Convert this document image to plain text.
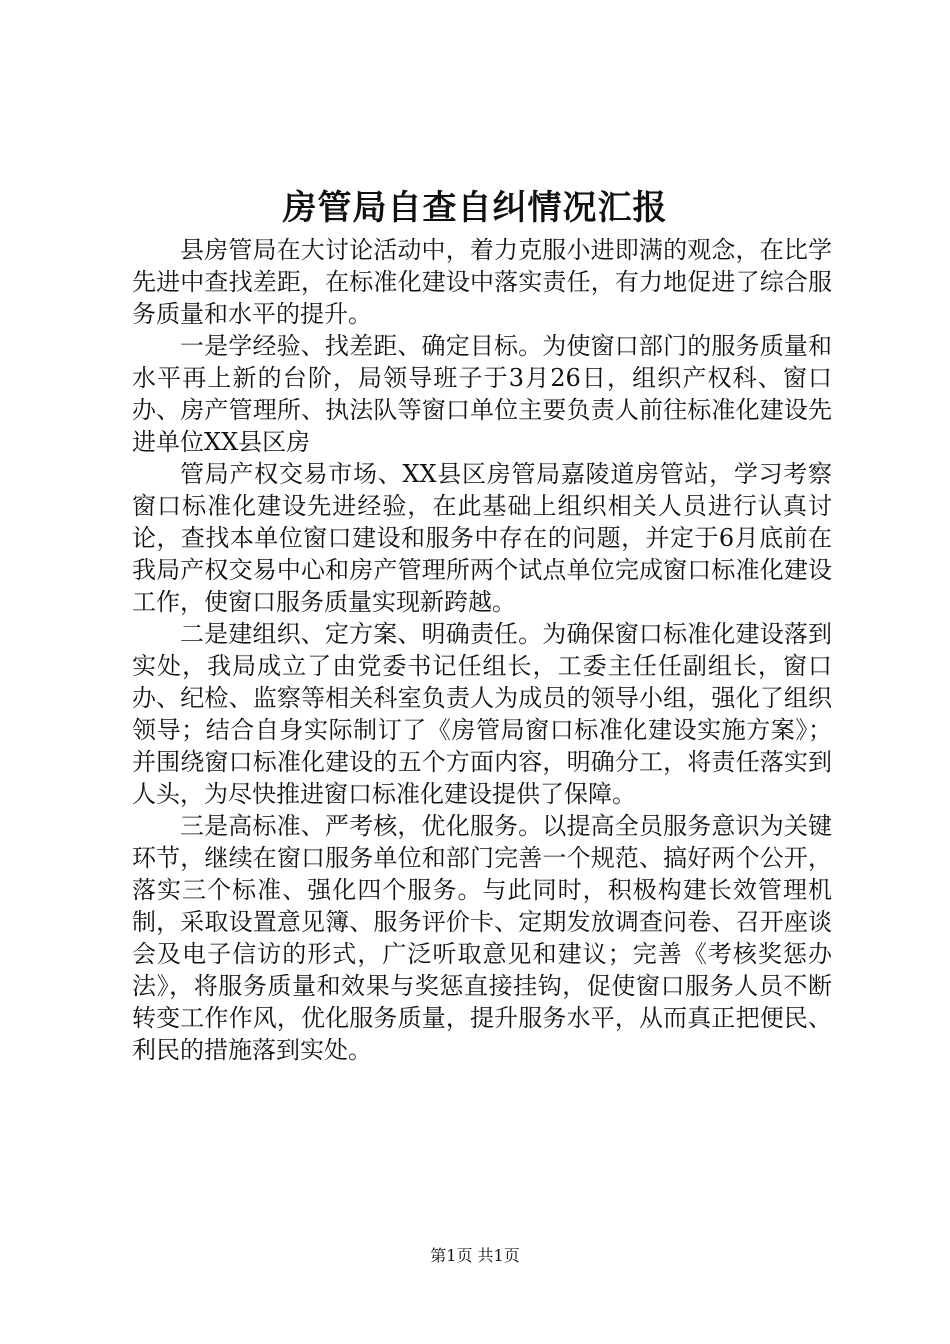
房管局自查自纠情况汇报

县房管局在大讨论活动中，着力克服小进即满的观念，在比学先进中查找差距，在标准化建设中落实责任，有力地促进了综合服务质量和水平的提升。

一是学经验、找差距、确定目标。为使窗口部门的服务质量和水平再上新的台阶，局领导班子于3月26日，组织产权科、窗口办、房产管理所、执法队等窗口单位主要负责人前往标准化建设先进单位XX县区房

管局产权交易市场、XX县区房管局嘉陵道房管站，学习考察窗口标准化建设先进经验，在此基础上组织相关人员进行认真讨论，查找本单位窗口建设和服务中存在的问题，并定于6月底前在我局产权交易中心和房产管理所两个试点单位完成窗口标准化建设工作，使窗口服务质量实现新跨越。

二是建组织、定方案、明确责任。为确保窗口标准化建设落到实处，我局成立了由党委书记任组长，工委主任任副组长，窗口办、纪检、监察等相关科室负责人为成员的领导小组，强化了组织领导；结合自身实际制订了《房管局窗口标准化建设实施方案》；并围绕窗口标准化建设的五个方面内容，明确分工，将责任落实到人头，为尽快推进窗口标准化建设提供了保障。

三是高标准、严考核，优化服务。以提高全员服务意识为关键环节，继续在窗口服务单位和部门完善一个规范、搞好两个公开，落实三个标准、强化四个服务。与此同时，积极构建长效管理机制，采取设置意见簿、服务评价卡、定期发放调查问卷、召开座谈会及电子信访的形式，广泛听取意见和建议；完善《考核奖惩办法》，将服务质量和效果与奖惩直接挂钩，促使窗口服务人员不断转变工作作风，优化服务质量，提升服务水平，从而真正把便民、利民的措施落到实处。

第1页 共1页
